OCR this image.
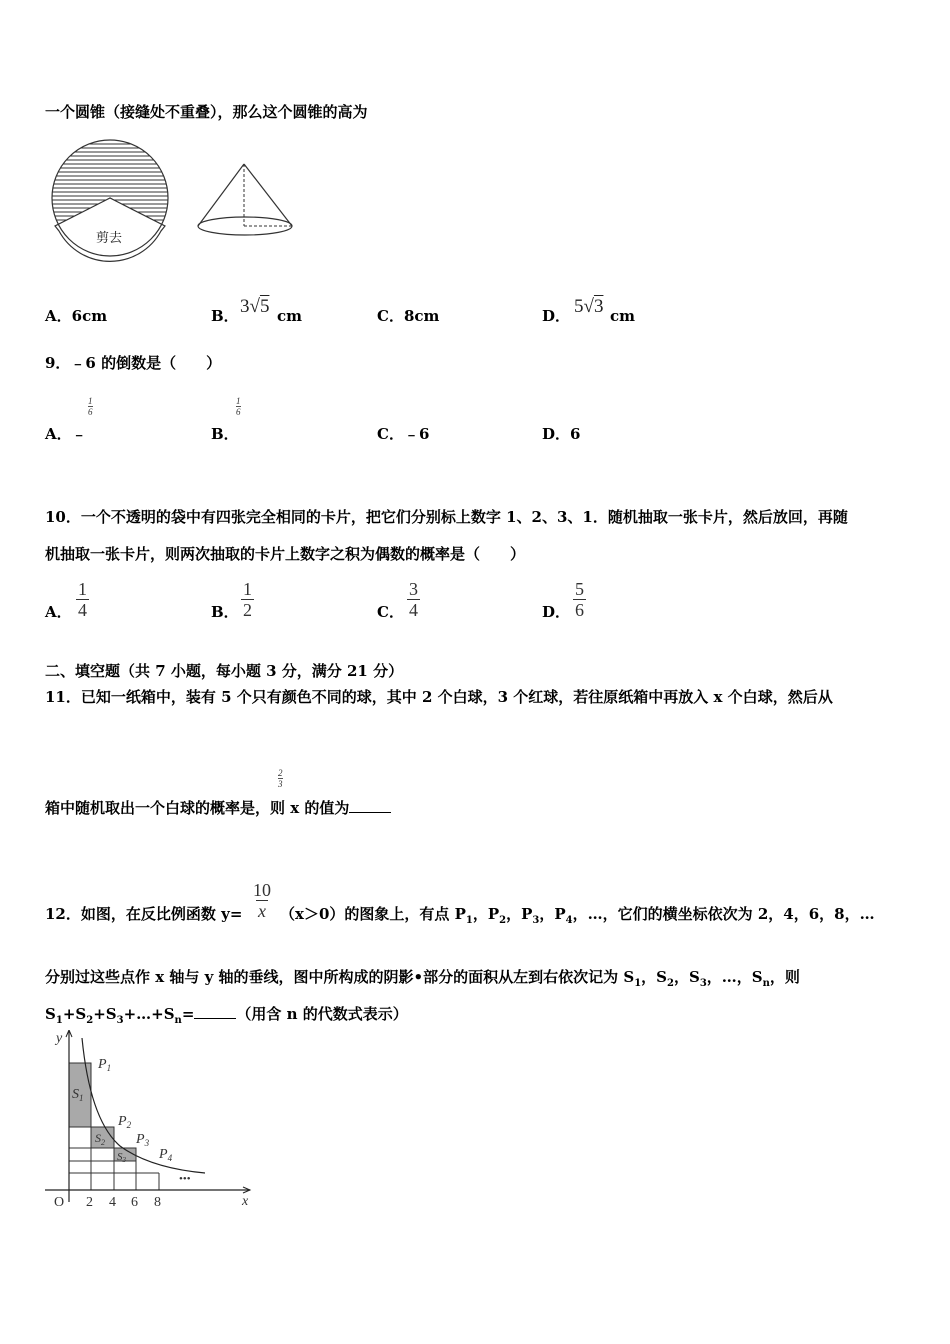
一个圆锥（接缝处不重叠），那么这个圆锥的高为
剪去
A．6cm	B． 3√5 cm	C．8cm	D． 5√3 cm
9．﹣6 的倒数是（　　）
A．﹣
1
6
B．
1
6
C．﹣6	D．6
10．一个不透明的袋中有四张完全相同的卡片，把它们分别标上数字 1、2、3、1．随机抽取一张卡片，然后放回，再随
机抽取一张卡片，则两次抽取的卡片上数字之积为偶数的概率是（　　）
A． $\frac{1}{4}$	B． $\frac{1}{2}$	C． $\frac{3}{4}$	D． $\frac{5}{6}$
二、填空题（共 7 小题，每小题 3 分，满分 21 分）
11．已知一纸箱中，装有 5 个只有颜色不同的球，其中 2 个白球，3 个红球，若往原纸箱中再放入 x 个白球，然后从
2
3
箱中随机取出一个白球的概率是，则 x 的值为
$\frac{10}{x}$
12．如图，在反比例函数 y=	（x＞0）的图象上，有点 $P_1$，$P_2$，$P_3$，$P_4$，…，它们的横坐标依次为 2，4，6，8，…
分别过这些点作 x 轴与 y 轴的垂线，图中所构成的阴影•部分的面积从左到右依次记为 $S_1$，$S_2$，$S_3$，…，$S_n$，则
$S_1+S_2+S_3+\dots+S_n=$	（用含 n 的代数式表示）
y
x
O 2 4 6 8
$P_1$
$P_2$
$P_3$
$P_4$
$S_1$
$S_2$
S3
•••
